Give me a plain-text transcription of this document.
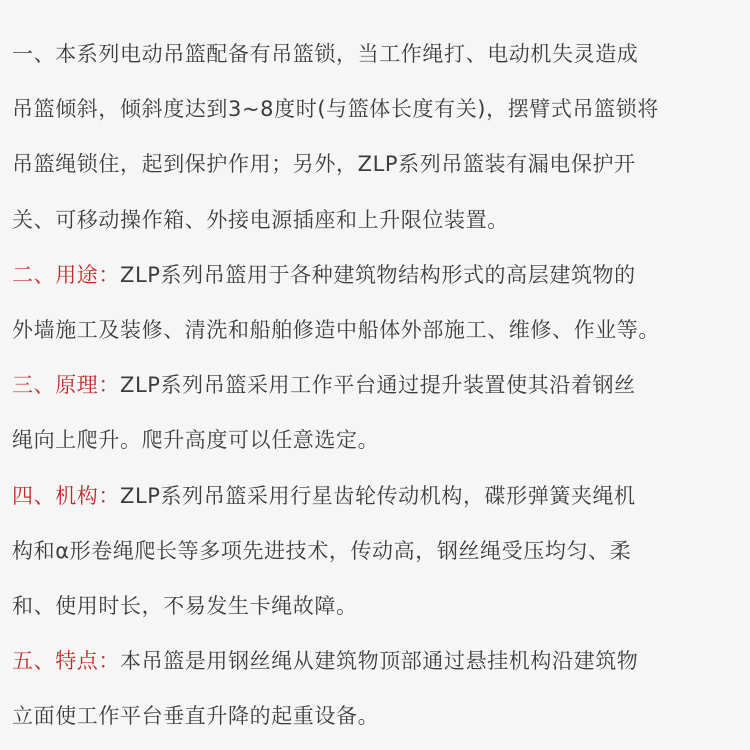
一、本系列电动吊篮配备有吊篮锁，当工作绳打、电动机失灵造成
吊篮倾斜，倾斜度达到3~8度时(与篮体长度有关)，摆臂式吊篮锁将
吊篮绳锁住，起到保护作用；另外，ZLP系列吊篮装有漏电保护开
关、可移动操作箱、外接电源插座和上升限位装置。

二、用途：ZLP系列吊篮用于各种建筑物结构形式的高层建筑物的
外墙施工及装修、清洗和船舶修造中船体外部施工、维修、作业等。

三、原理：ZLP系列吊篮采用工作平台通过提升装置使其沿着钢丝
绳向上爬升。爬升高度可以任意选定。

四、机构：ZLP系列吊篮采用行星齿轮传动机构，碟形弹簧夹绳机
构和α形卷绳爬长等多项先进技术，传动高，钢丝绳受压均匀、柔
和、使用时长，不易发生卡绳故障。

五、特点：本吊篮是用钢丝绳从建筑物顶部通过悬挂机构沿建筑物
立面使工作平台垂直升降的起重设备。
